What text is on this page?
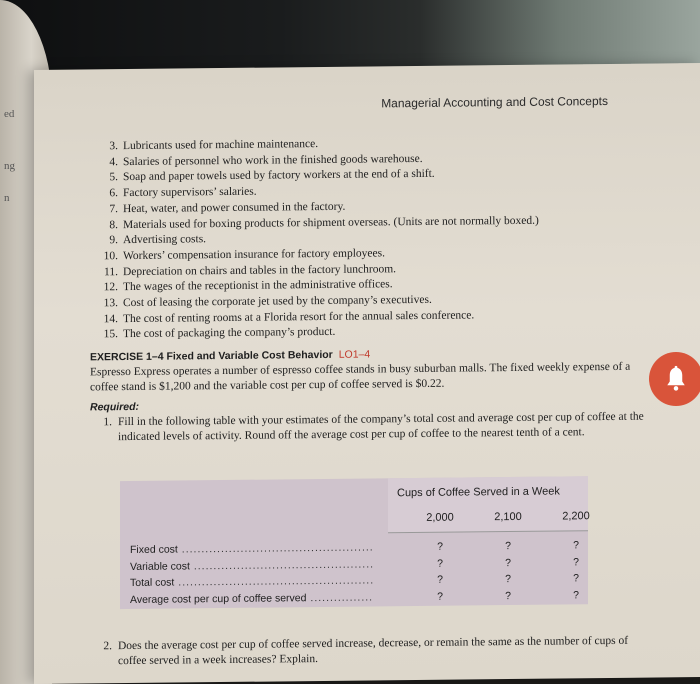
ed
ng
n
Managerial Accounting and Cost Concepts
3. Lubricants used for machine maintenance.
4. Salaries of personnel who work in the finished goods warehouse.
5. Soap and paper towels used by factory workers at the end of a shift.
6. Factory supervisors’ salaries.
7. Heat, water, and power consumed in the factory.
8. Materials used for boxing products for shipment overseas. (Units are not normally boxed.)
9. Advertising costs.
10. Workers’ compensation insurance for factory employees.
11. Depreciation on chairs and tables in the factory lunchroom.
12. The wages of the receptionist in the administrative offices.
13. Cost of leasing the corporate jet used by the company’s executives.
14. The cost of renting rooms at a Florida resort for the annual sales conference.
15. The cost of packaging the company’s product.
EXERCISE 1–4 Fixed and Variable Cost Behavior LO1–4
Espresso Express operates a number of espresso coffee stands in busy suburban malls. The fixed weekly expense of a coffee stand is $1,200 and the variable cost per cup of coffee served is $0.22.
Required:
1. Fill in the following table with your estimates of the company’s total cost and average cost per cup of coffee at the indicated levels of activity. Round off the average cost per cup of coffee to the nearest tenth of a cent.
Cups of Coffee Served in a Week
2,000	2,100	2,200
Fixed cost .....	?	?	?
Variable cost .....	?	?	?
Total cost .....	?	?	?
Average cost per cup of coffee served .....	?	?	?
2. Does the average cost per cup of coffee served increase, decrease, or remain the same as the number of cups of coffee served in a week increases? Explain.
